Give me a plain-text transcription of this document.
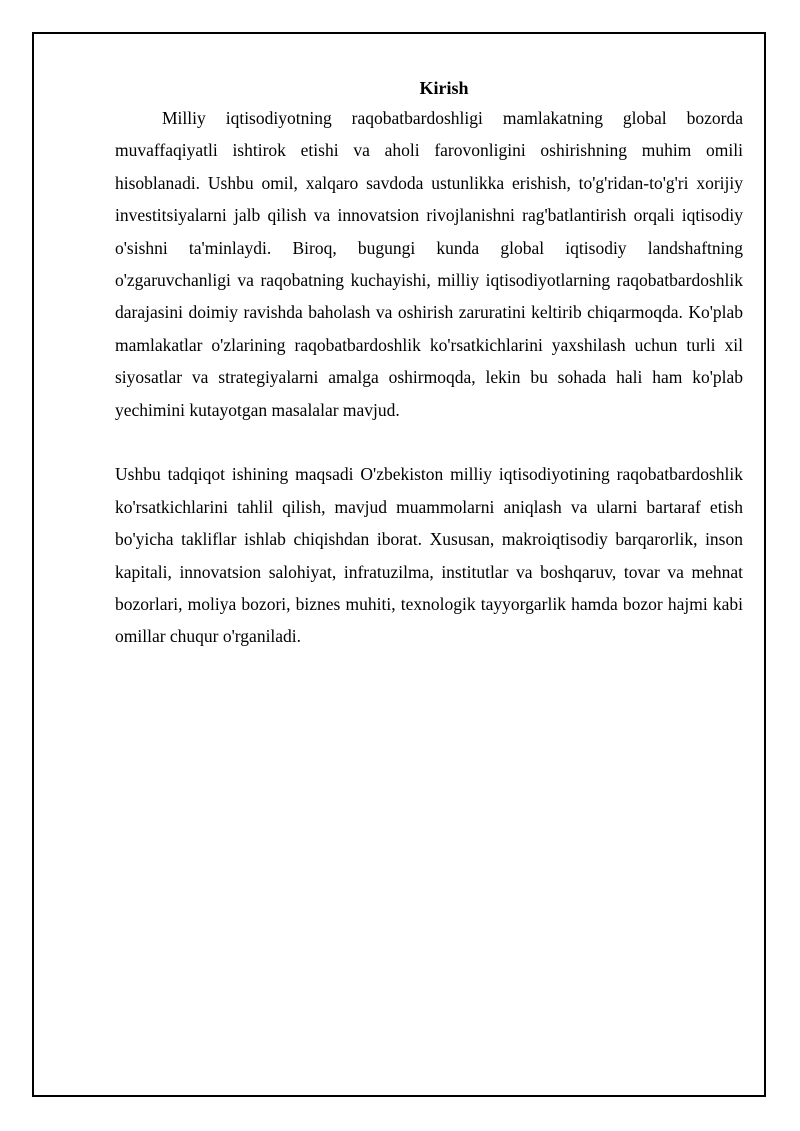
Kirish

Milliy iqtisodiyotning raqobatbardoshligi mamlakatning global bozorda muvaffaqiyatli ishtirok etishi va aholi farovonligini oshirishning muhim omili hisoblanadi. Ushbu omil, xalqaro savdoda ustunlikka erishish, to'g'ridan-to'g'ri xorijiy investitsiyalarni jalb qilish va innovatsion rivojlanishni rag'batlantirish orqali iqtisodiy o'sishni ta'minlaydi. Biroq, bugungi kunda global iqtisodiy landshaftning o'zgaruvchanligi va raqobatning kuchayishi, milliy iqtisodiyotlarning raqobatbardoshlik darajasini doimiy ravishda baholash va oshirish zaruratini keltirib chiqarmoqda. Ko'plab mamlakatlar o'zlarining raqobatbardoshlik ko'rsatkichlarini yaxshilash uchun turli xil siyosatlar va strategiyalarni amalga oshirmoqda, lekin bu sohada hali ham ko'plab yechimini kutayotgan masalalar mavjud.

Ushbu tadqiqot ishining maqsadi O'zbekiston milliy iqtisodiyotining raqobatbardoshlik ko'rsatkichlarini tahlil qilish, mavjud muammolarni aniqlash va ularni bartaraf etish bo'yicha takliflar ishlab chiqishdan iborat. Xususan, makroiqtisodiy barqarorlik, inson kapitali, innovatsion salohiyat, infratuzilma, institutlar va boshqaruv, tovar va mehnat bozorlari, moliya bozori, biznes muhiti, texnologik tayyorgarlik hamda bozor hajmi kabi omillar chuqur o'rganiladi.
